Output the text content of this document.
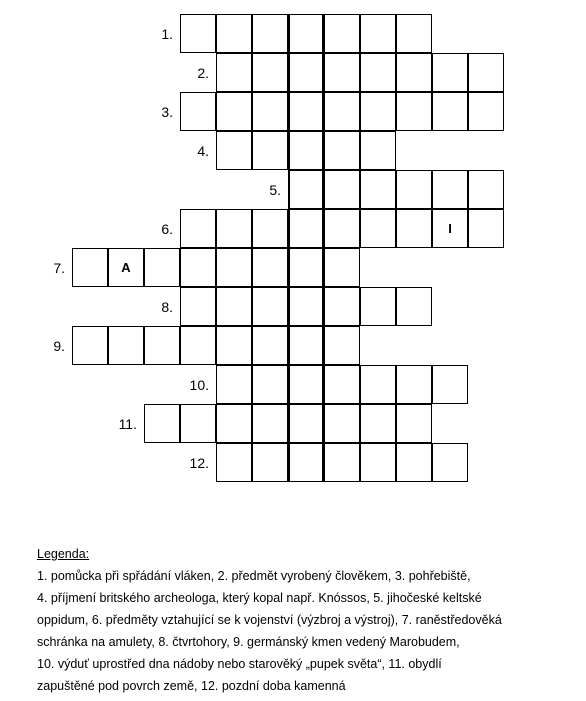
1.
2.
3.
4.
5.
6.	I
7.	A
8.
9.
10.
11.
12.
Legenda:
1. pomůcka při spřádání vláken, 2. předmět vyrobený člověkem, 3. pohřebiště,
4. příjmení britského archeologa, který kopal např. Knóssos, 5. jihočeské keltské
oppidum, 6. předměty vztahující se k vojenství (výzbroj a výstroj), 7. raněstředověká
schránka na amulety, 8. čtvrtohory, 9. germánský kmen vedený Marobudem,
10. výduť uprostřed dna nádoby nebo starověký „pupek světa“, 11. obydlí
zapuštěné pod povrch země, 12. pozdní doba kamenná
